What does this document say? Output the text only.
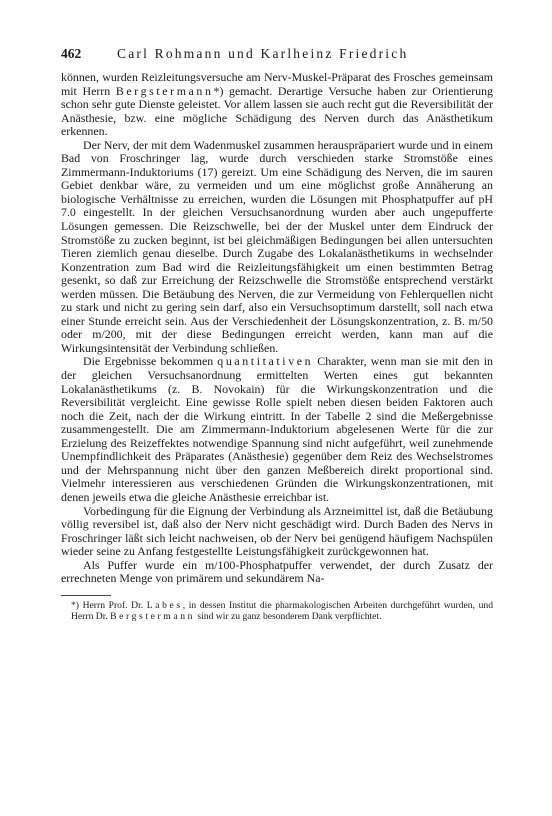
462	Carl Rohmann und Karlheinz Friedrich

können, wurden Reizleitungsversuche am Nerv-Muskel-Präparat des Frosches gemeinsam mit Herrn Bergstermann*) gemacht. Derartige Versuche haben zur Orientierung schon sehr gute Dienste geleistet. Vor allem lassen sie auch recht gut die Reversibilität der Anästhesie, bzw. eine mögliche Schädigung des Nerven durch das Anästhetikum erkennen.

Der Nerv, der mit dem Wadenmuskel zusammen herauspräpariert wurde und in einem Bad von Froschringer lag, wurde durch verschieden starke Stromstöße eines Zimmermann-Induktoriums (17) gereizt. Um eine Schädigung des Nerven, die im sauren Gebiet denkbar wäre, zu vermeiden und um eine möglichst große Annäherung an biologische Verhältnisse zu erreichen, wurden die Lösungen mit Phosphatpuffer auf pH 7.0 eingestellt. In der gleichen Versuchsanordnung wurden aber auch ungepufferte Lösungen gemessen. Die Reizschwelle, bei der der Muskel unter dem Eindruck der Stromstöße zu zucken beginnt, ist bei gleichmäßigen Bedingungen bei allen untersuchten Tieren ziemlich genau dieselbe. Durch Zugabe des Lokalanästhetikums in wechselnder Konzentration zum Bad wird die Reizleitungsfähigkeit um einen bestimmten Betrag gesenkt, so daß zur Erreichung der Reizschwelle die Stromstöße entsprechend verstärkt werden müssen. Die Betäubung des Nerven, die zur Vermeidung von Fehlerquellen nicht zu stark und nicht zu gering sein darf, also ein Versuchsoptimum darstellt, soll nach etwa einer Stunde erreicht sein. Aus der Verschiedenheit der Lösungskonzentration, z. B. m/50 oder m/200, mit der diese Bedingungen erreicht werden, kann man auf die Wirkungsintensität der Verbindung schließen.

Die Ergebnisse bekommen quantitativen Charakter, wenn man sie mit den in der gleichen Versuchsanordnung ermittelten Werten eines gut bekannten Lokalanästhetikums (z. B. Novokain) für die Wirkungskonzentration und die Reversibilität vergleicht. Eine gewisse Rolle spielt neben diesen beiden Faktoren auch noch die Zeit, nach der die Wirkung eintritt. In der Tabelle 2 sind die Meßergebnisse zusammengestellt. Die am Zimmermann-Induktorium abgelesenen Werte für die zur Erzielung des Reizeffektes notwendige Spannung sind nicht aufgeführt, weil zunehmende Unempfindlichkeit des Präparates (Anästhesie) gegenüber dem Reiz des Wechselstromes und der Mehrspannung nicht über den ganzen Meßbereich direkt proportional sind. Vielmehr interessieren aus verschiedenen Gründen die Wirkungskonzentrationen, mit denen jeweils etwa die gleiche Anästhesie erreichbar ist.

Vorbedingung für die Eignung der Verbindung als Arzneimittel ist, daß die Betäubung völlig reversibel ist, daß also der Nerv nicht geschädigt wird. Durch Baden des Nervs in Froschringer läßt sich leicht nachweisen, ob der Nerv bei genügend häufigem Nachspülen wieder seine zu Anfang festgestellte Leistungsfähigkeit zurückgewonnen hat.

Als Puffer wurde ein m/100-Phosphatpuffer verwendet, der durch Zusatz der errechneten Menge von primärem und sekundärem Na-

*) Herrn Prof. Dr. Labes, in dessen Institut die pharmakologischen Arbeiten durchgeführt wurden, und Herrn Dr. Bergstermann sind wir zu ganz besonderem Dank verpflichtet.
